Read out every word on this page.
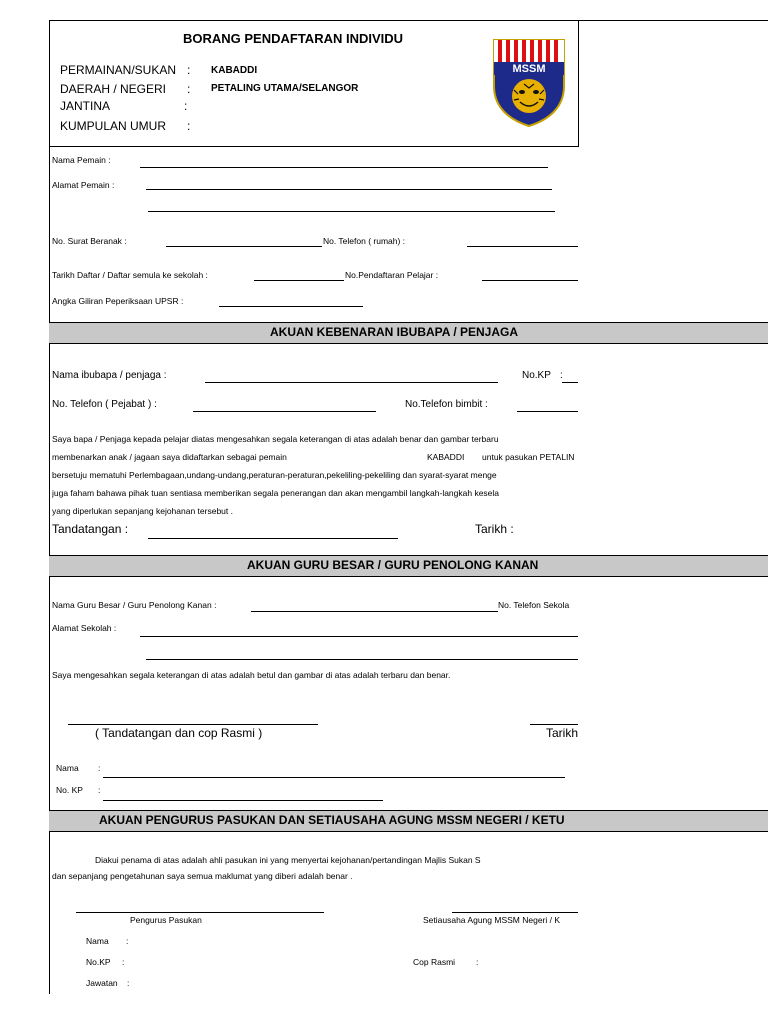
BORANG PENDAFTARAN INDIVIDU
PERMAINAN/SUKAN : KABADDI
DAERAH / NEGERI : PETALING UTAMA/SELANGOR
JANTINA	:
KUMPULAN UMUR :
MSSM
Nama Pemain :
Alamat Pemain :
No. Surat Beranak :	No. Telefon ( rumah) :
Tarikh Daftar / Daftar semula ke sekolah :	No.Pendaftaran Pelajar :
Angka Giliran Peperiksaan UPSR :
AKUAN KEBENARAN IBUBAPA / PENJAGA
Nama ibubapa / penjaga :	No.KP :
No. Telefon ( Pejabat ) :	No.Telefon bimbit :
Saya bapa / Penjaga kepada pelajar diatas mengesahkan segala keterangan di atas adalah benar dan gambar terbaru
membenarkan anak / jagaan saya didaftarkan sebagai pemain	KABADDI untuk pasukan PETALIN
bersetuju mematuhi Perlembagaan,undang-undang,peraturan-peraturan,pekeliling-pekeliling dan syarat-syarat menge
juga faham bahawa pihak tuan sentiasa memberikan segala penerangan dan akan mengambil langkah-langkah kesela
yang diperlukan sepanjang kejohanan tersebut .
Tandatangan :	Tarikh :
AKUAN GURU BESAR / GURU PENOLONG KANAN
Nama Guru Besar / Guru Penolong Kanan :	No. Telefon Sekola
Alamat Sekolah :
Saya mengesahkan segala keterangan di atas adalah betul dan gambar di atas adalah terbaru dan benar.
( Tandatangan dan cop Rasmi )	Tarikh
Nama :
No. KP :
AKUAN PENGURUS PASUKAN DAN SETIAUSAHA AGUNG MSSM NEGERI / KETU
Diakui penama di atas adalah ahli pasukan ini yang menyertai kejohanan/pertandingan Majlis Sukan S
dan sepanjang pengetahunan saya semua maklumat yang diberi adalah benar .
Pengurus Pasukan	Setiausaha Agung MSSM Negeri / K
Nama :
No.KP :	Cop Rasmi :
Jawatan :
